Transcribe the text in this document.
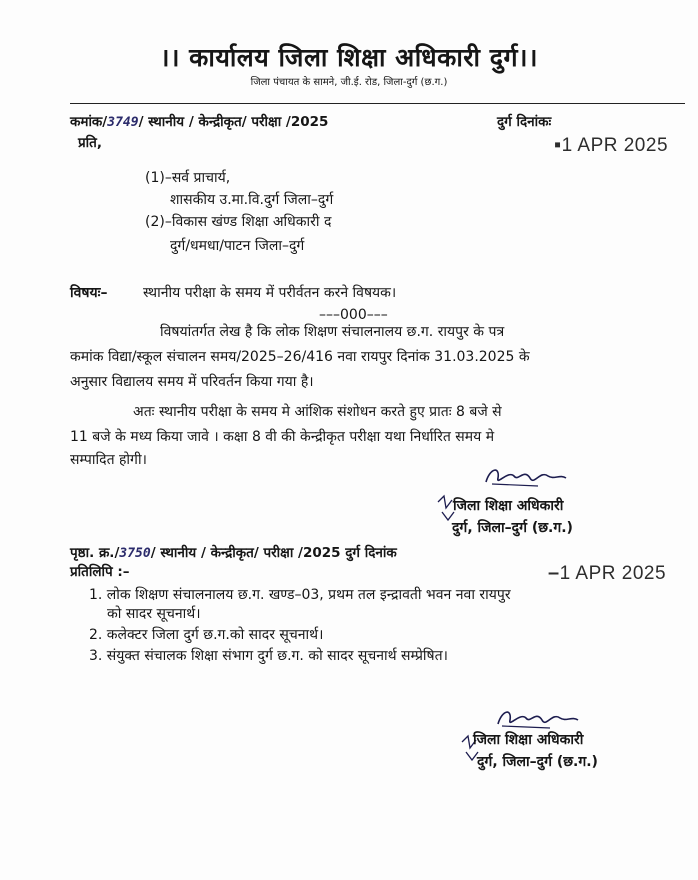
।। कार्यालय जिला शिक्षा अधिकारी दुर्ग।।
जिला पंचायत के सामने, जी.ई. रोड, जिला-दुर्ग (छ.ग.)
कमांक/3749/ स्थानीय / केन्द्रीकृत/ परीक्षा /2025	दुर्ग दिनांकः
▪1 APR 2025
प्रति,
(1)–सर्व प्राचार्य,
शासकीय उ.मा.वि.दुर्ग जिला–दुर्ग
(2)–विकास खंण्ड शिक्षा अधिकारी द
दुर्ग/धमधा/पाटन जिला–दुर्ग
विषयः–	स्थानीय परीक्षा के समय में परीर्वतन करने विषयक।
–––000–––
विषयांतर्गत लेख है कि लोक शिक्षण संचालनालय छ.ग. रायपुर के पत्र
कमांक विद्या/स्कूल संचालन समय/2025–26/416 नवा रायपुर दिनांक 31.03.2025 के
अनुसार विद्यालय समय में परिवर्तन किया गया है।
अतः स्थानीय परीक्षा के समय मे आंशिक संशोधन करते हुए प्रातः 8 बजे से
11 बजे के मध्य किया जावे । कक्षा 8 वी की केन्द्रीकृत परीक्षा यथा निर्धारित समय मे
सम्पादित होगी।
जिला शिक्षा अधिकारी
दुर्ग, जिला–दुर्ग (छ.ग.)
पृष्ठा. क्र./3750/ स्थानीय / केन्द्रीकृत/ परीक्षा /2025 दुर्ग दिनांक
–1 APR 2025
प्रतिलिपि :–
1. लोक शिक्षण संचालनालय छ.ग. खण्ड–03, प्रथम तल इन्द्रावती भवन नवा रायपुर
को सादर सूचनार्थ।
2. कलेक्टर जिला दुर्ग छ.ग.को सादर सूचनार्थ।
3. संयुक्त संचालक शिक्षा संभाग दुर्ग छ.ग. को सादर सूचनार्थ सम्प्रेषित।
जिला शिक्षा अधिकारी
दुर्ग, जिला–दुर्ग (छ.ग.)
